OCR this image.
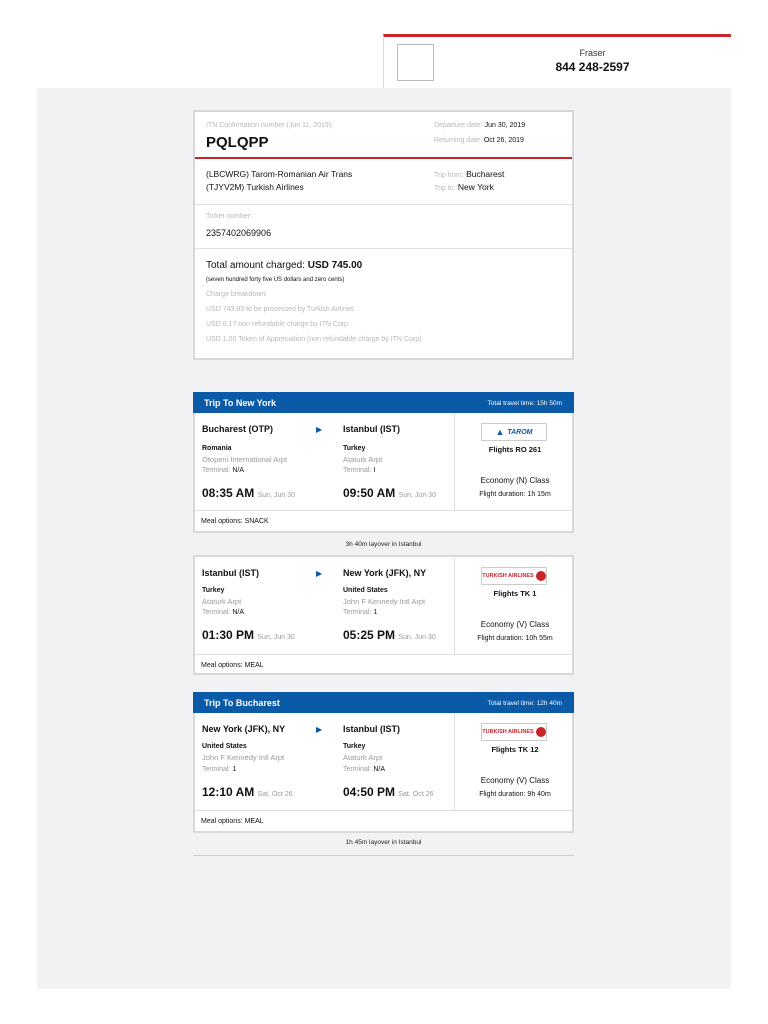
Fraser
844 248-2597
ITN Confirmation number (Jun 11, 2019):
PQLQPP
Departure date: Jun 30, 2019
Returning date: Oct 26, 2019
(LBCWRG) Tarom-Romanian Air Trans
(TJYV2M) Turkish Airlines
Trip from: Bucharest
Trip to: New York
Ticket number:
2357402069906
Total amount charged: USD 745.00
(seven hundred forty five US dollars and zero cents)
Charge breakdown:
USD 743.83 to be processed by Turkish Airlines
USD 0.17 non refundable charge by ITN Corp
USD 1.00 Token of Appreciation (non refundable charge by ITN Corp)
Trip To New York	Total travel time: 15h 50m
Bucharest (OTP)	▶ Istanbul (IST)
Romania
Otopeni International Arpt
Terminal: N/A
08:35 AM Sun, Jun 30
Turkey
Ataturk Arpt
Terminal: I
09:50 AM Sun, Jun 30
▲ TAROM
Flights RO 261
Economy (N) Class
Flight duration: 1h 15m
Meal options: SNACK
3h 40m layover in Istanbul
Istanbul (IST)	▶ New York (JFK), NY
Turkey
Ataturk Arpt
Terminal: N/A
01:30 PM Sun, Jun 30
United States
John F Kennedy Intl Arpt
Terminal: 1
05:25 PM Sun, Jun 30
TURKISH AIRLINES
Flights TK 1
Economy (V) Class
Flight duration: 10h 55m
Meal options: MEAL
Trip To Bucharest	Total travel time: 12h 40m
New York (JFK), NY	▶ Istanbul (IST)
United States
John F Kennedy Intl Arpt
Terminal: 1
12:10 AM Sat, Oct 26
Turkey
Ataturk Arpt
Terminal: N/A
04:50 PM Sat, Oct 26
TURKISH AIRLINES
Flights TK 12
Economy (V) Class
Flight duration: 9h 40m
Meal options: MEAL
1h 45m layover in Istanbul
